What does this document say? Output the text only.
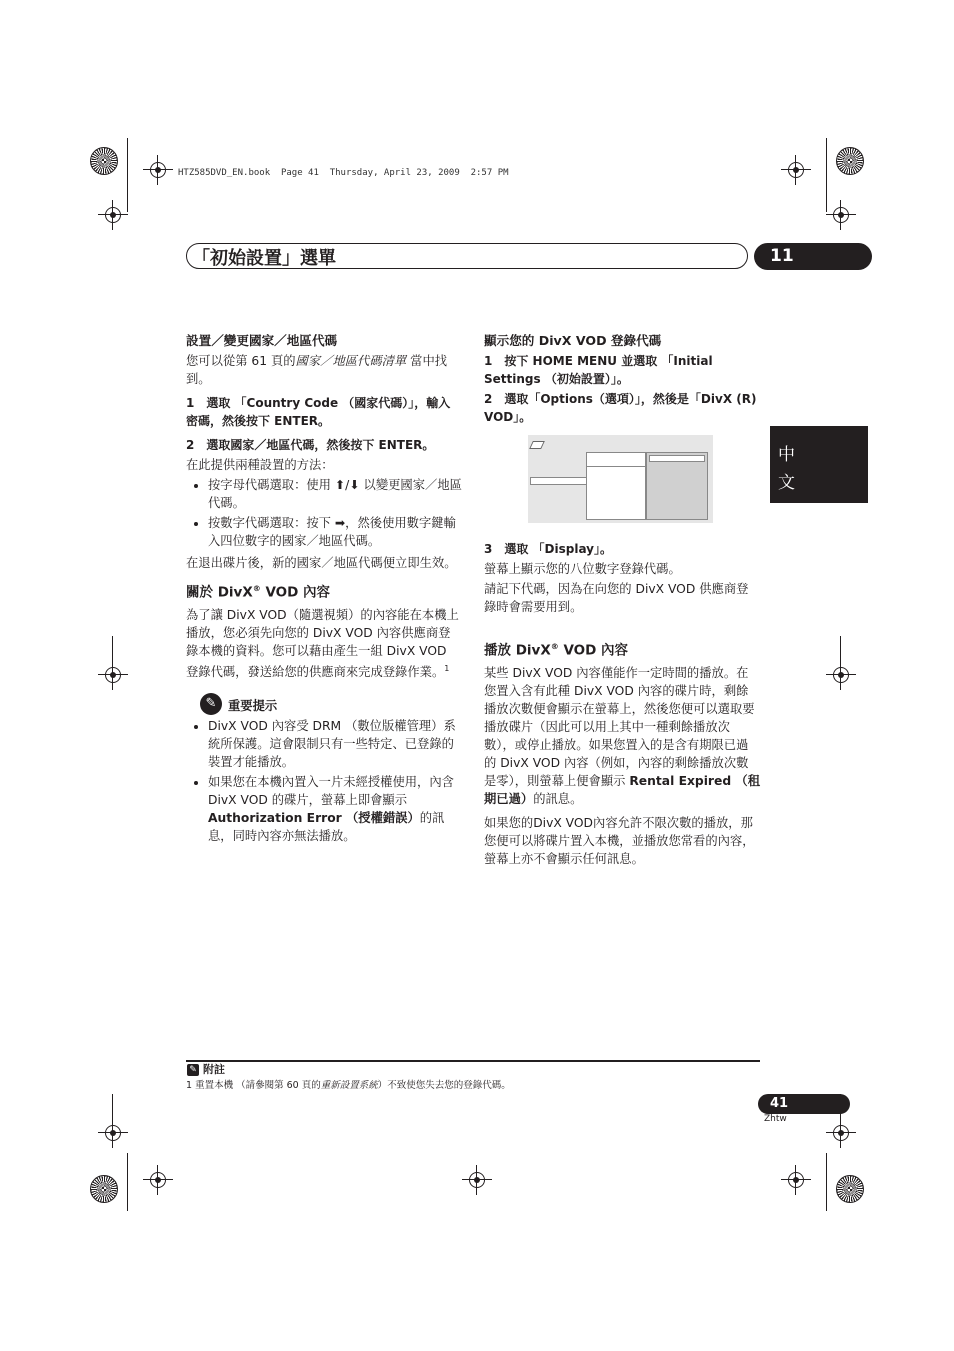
HTZ585DVD_EN.book  Page 41  Thursday, April 23, 2009  2:57 PM
「初始設置」選單	11
中
文

設置／變更國家／地區代碼

您可以從第 61 頁的國家／地區代碼清單 當中找到。

1　選取 「Country Code （國家代碼）」，輸入密碼，然後按下 ENTER。

2　選取國家／地區代碼，然後按下 ENTER。

在此提供兩種設置的方法：

• 按字母代碼選取：使用 ⬆/⬇ 以變更國家／地區代碼。
• 按數字代碼選取：按下 ➡，然後使用數字鍵輸入四位數字的國家／地區代碼。

在退出碟片後，新的國家／地區代碼便立即生效。

關於 DivX® VOD 內容

為了讓 DivX VOD（隨選視頻）的內容能在本機上播放，您必須先向您的 DivX VOD 內容供應商登錄本機的資料。您可以藉由產生一組 DivX VOD 登錄代碼，發送給您的供應商來完成登錄作業。$^1$

✎ 重要提示
• DivX VOD 內容受 DRM （數位版權管理）系統所保護。這會限制只有一些特定、已登錄的裝置才能播放。
• 如果您在本機內置入一片未經授權使用，內含 DivX VOD 的碟片，螢幕上即會顯示 Authorization Error （授權錯誤）的訊息，同時內容亦無法播放。

顯示您的 DivX VOD 登錄代碼

1　按下 HOME MENU 並選取 「Initial Settings （初始設置）」。

2　選取「Options（選項）」，然後是「DivX (R) VOD」。

3　選取 「Display」。

螢幕上顯示您的八位數字登錄代碼。

請記下代碼，因為在向您的 DivX VOD 供應商登錄時會需要用到。

播放 DivX® VOD 內容

某些 DivX VOD 內容僅能作一定時間的播放。在您置入含有此種 DivX VOD 內容的碟片時，剩餘播放次數便會顯示在螢幕上，然後您便可以選取要播放碟片（因此可以用上其中一種剩餘播放次數），或停止播放。如果您置入的是含有期限已過的 DivX VOD 內容（例如，內容的剩餘播放次數是零），則螢幕上便會顯示 Rental Expired （租期已過）的訊息。

如果您的DivX VOD內容允許不限次數的播放，那您便可以將碟片置入本機，並播放您常看的內容，螢幕上亦不會顯示任何訊息。

✎ 附註
1 重置本機 （請參閱第 60 頁的重新設置系統）不致使您失去您的登錄代碼。
41
Zhtw
